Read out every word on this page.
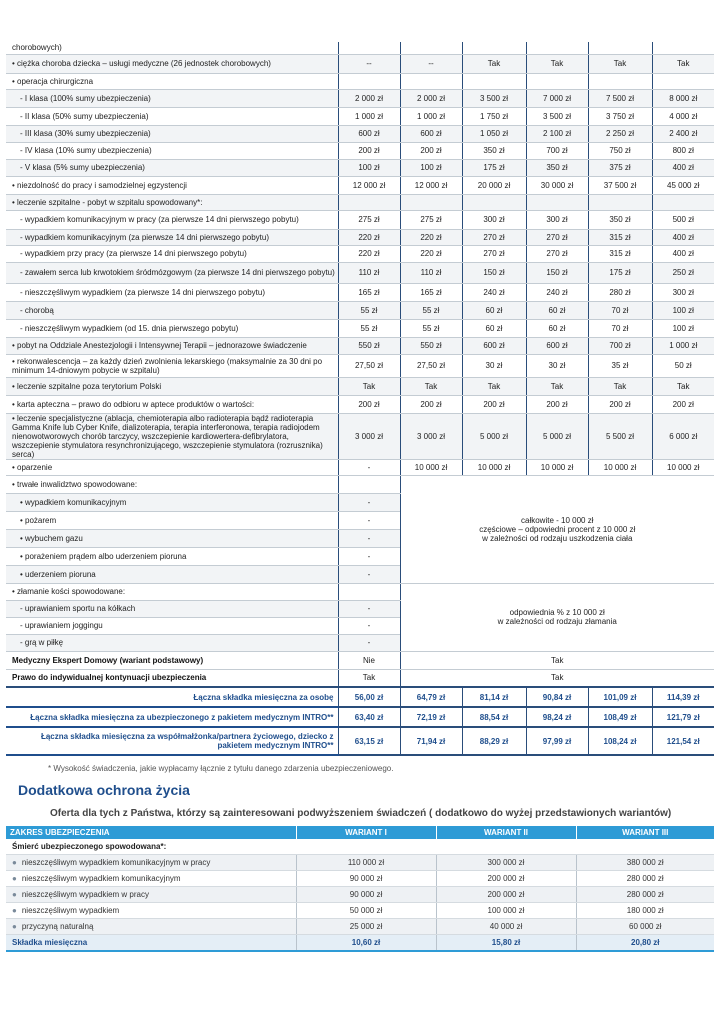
chorobowych)						
• ciężka choroba dziecka – usługi medyczne (26 jednostek chorobowych)	--	--	Tak	Tak	Tak	Tak
• operacja chirurgiczna						
- I klasa (100% sumy ubezpieczenia)	2 000 zł	2 000 zł	3 500 zł	7 000 zł	7 500 zł	8 000 zł
- II klasa (50% sumy ubezpieczenia)	1 000 zł	1 000 zł	1 750 zł	3 500 zł	3 750 zł	4 000 zł
- III klasa (30% sumy ubezpieczenia)	600 zł	600 zł	1 050 zł	2 100 zł	2 250 zł	2 400 zł
- IV klasa (10% sumy ubezpieczenia)	200 zł	200 zł	350 zł	700 zł	750 zł	800 zł
- V klasa (5% sumy ubezpieczenia)	100 zł	100 zł	175 zł	350 zł	375 zł	400 zł
• niezdolność do pracy i samodzielnej egzystencji	12 000 zł	12 000 zł	20 000 zł	30 000 zł	37 500 zł	45 000 zł
• leczenie szpitalne - pobyt w szpitalu spowodowany*:						
- wypadkiem komunikacyjnym w pracy (za pierwsze 14 dni pierwszego pobytu)	275 zł	275 zł	300 zł	300 zł	350 zł	500 zł
- wypadkiem komunikacyjnym (za pierwsze 14 dni pierwszego pobytu)	220 zł	220 zł	270 zł	270 zł	315 zł	400 zł
- wypadkiem przy pracy (za pierwsze 14 dni pierwszego pobytu)	220 zł	220 zł	270 zł	270 zł	315 zł	400 zł
- zawałem serca lub krwotokiem śródmózgowym (za pierwsze 14 dni pierwszego pobytu)	110 zł	110 zł	150 zł	150 zł	175 zł	250 zł
- nieszczęśliwym wypadkiem (za pierwsze 14 dni pierwszego pobytu)	165 zł	165 zł	240 zł	240 zł	280 zł	300 zł
- chorobą	55 zł	55 zł	60 zł	60 zł	70 zł	100 zł
- nieszczęśliwym wypadkiem (od 15. dnia pierwszego pobytu)	55 zł	55 zł	60 zł	60 zł	70 zł	100 zł
• pobyt na Oddziale Anestezjologii i Intensywnej Terapii – jednorazowe świadczenie	550 zł	550 zł	600 zł	600 zł	700 zł	1 000 zł
• rekonwalescencja – za każdy dzień zwolnienia lekarskiego (maksymalnie za 30 dni po minimum 14-dniowym pobycie w szpitalu)	27,50 zł	27,50 zł	30 zł	30 zł	35 zł	50 zł
• leczenie szpitalne poza terytorium Polski	Tak	Tak	Tak	Tak	Tak	Tak
• karta apteczna – prawo do odbioru w aptece produktów o wartości:	200 zł	200 zł	200 zł	200 zł	200 zł	200 zł
• leczenie specjalistyczne (ablacja, chemioterapia albo radioterapia bądź radioterapia Gamma Knife lub Cyber Knife, dializoterapia, terapia interferonowa, terapia radiojodem nienowotworowych chorób tarczycy, wszczepienie kardiowertera-defibrylatora, wszczepienie stymulatora resynchronizującego, wszczepienie stymulatora (rozrusznika) serca)	3 000 zł	3 000 zł	5 000 zł	5 000 zł	5 500 zł	6 000 zł
• oparzenie	-	10 000 zł	10 000 zł	10 000 zł	10 000 zł	10 000 zł
• trwałe inwalidztwo spowodowane:		całkowite - 10 000 zł
częściowe – odpowiedni procent z 10 000 zł
w zależności od rodzaju uszkodzenia ciała				

• wypadkiem komunikacyjnym	-					
• pożarem	-					
• wybuchem gazu	-					
• porażeniem prądem albo uderzeniem pioruna	-					
• uderzeniem pioruna	-					
• złamanie kości spowodowane:		odpowiednia % z 10 000 zł
w zależności od rodzaju złamania				

- uprawianiem sportu na kółkach	-					
- uprawianiem joggingu	-					
- grą w piłkę	-					
Medyczny Ekspert Domowy (wariant podstawowy)	Nie	Tak				
Prawo do indywidualnej kontynuacji ubezpieczenia	Tak	Tak				
Łączna składka miesięczna za osobę	56,00 zł	64,79 zł	81,14 zł	90,84 zł	101,09 zł	114,39 zł
Łączna składka miesięczna za ubezpieczonego z pakietem medycznym INTRO**	63,40 zł	72,19 zł	88,54 zł	98,24 zł	108,49 zł	121,79 zł
Łączna składka miesięczna za współmałżonka/partnera życiowego, dziecko z pakietem medycznym INTRO**	63,15 zł	71,94 zł	88,29 zł	97,99 zł	108,24 zł	121,54 zł
* Wysokość świadczenia, jakie wypłacamy łącznie z tytułu danego zdarzenia ubezpieczeniowego.
Dodatkowa ochrona życia
Oferta dla tych z Państwa, którzy są zainteresowani podwyższeniem świadczeń ( dodatkowo do wyżej przedstawionych wariantów)
ZAKRES UBEZPIECZENIA	WARIANT I	WARIANT II	WARIANT III
Śmierć ubezpieczonego spowodowana*:			
● nieszczęśliwym wypadkiem komunikacyjnym w pracy	110 000 zł	300 000 zł	380 000 zł
● nieszczęśliwym wypadkiem komunikacyjnym	90 000 zł	200 000 zł	280 000 zł
● nieszczęśliwym wypadkiem w pracy	90 000 zł	200 000 zł	280 000 zł
● nieszczęśliwym wypadkiem	50 000 zł	100 000 zł	180 000 zł
● przyczyną naturalną	25 000 zł	40 000 zł	60 000 zł
Składka miesięczna	10,60 zł	15,80 zł	20,80 zł
